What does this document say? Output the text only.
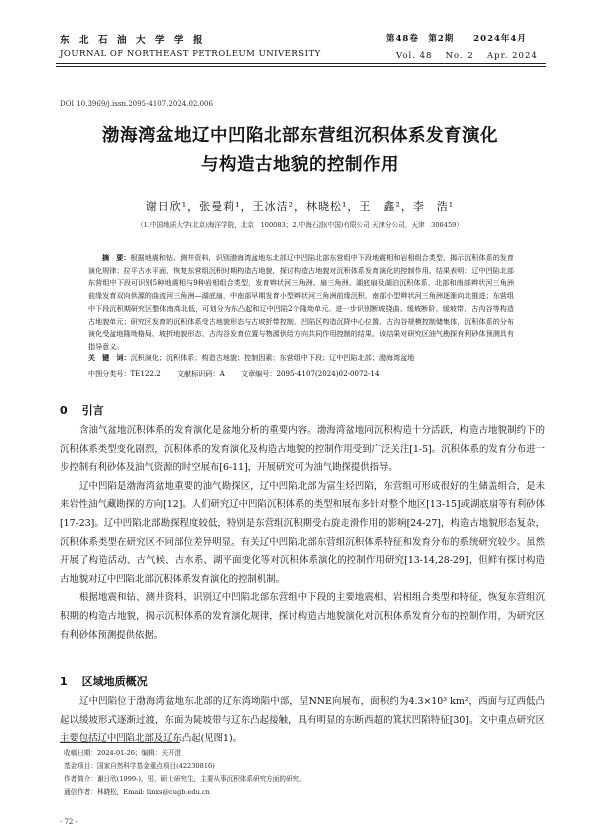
东北石油大学学报
JOURNAL OF NORTHEAST PETROLEUM UNIVERSITY
第48卷　第2期　　2024年4月
Vol. 48　 No. 2　 Apr. 2024
DOI 10.3969/j.issn.2095-4107.2024.02.006
渤海湾盆地辽中凹陷北部东营组沉积体系发育演化
与构造古地貌的控制作用
谢日欣¹，张曼莉¹，王冰洁²，林晓松¹，王　鑫²，李　浩¹
（1.中国地质大学(北京)海洋学院，北京　100083；2.中海石油(中国)有限公司 天津分公司，天津　300459）
摘　要：根据地震和钻、测井资料，识别渤海湾盆地东北部辽中凹陷北部东营组中下段地震相和岩相组合类型，揭示沉积体系的发育演化规律；拉平古水平面，恢复东营组沉积时期构造古地貌，探讨构造古地貌对沉积体系发育演化的控制作用。结果表明：辽中凹陷北部东营组中下段可识别5种地震相与9种岩相组合类型，发育辫状河三角洲、扇三角洲、湖底扇及湖泊沉积体系，北部和南部辫状河三角洲前缘发育双向供源的曲流河三角洲—湖底扇，中南部早期发育小型辫状河三角洲前缘沉积，南部小型辫状河三角洲逐渐向北推进；东营组中下段沉积期研究区整体南高北低，可划分为东凸起和辽中凹陷2个隆坳单元。进一步识别断坡挠曲、缓坡断阶、缓坡带、古沟谷等构造古地貌单元；研究区发育的沉积体系受古地貌形态与古坡折带控制，凹陷区构造沉降中心位置、古沟谷规模控制储集体，沉积体系的分布演化受盆地隆坳格局、坡折地貌形态、古沟谷发育位置与物源供给方向共同作用控制的结果。该结果对研究区油气勘探有利砂体预测具有指导意义。
关　键　词：沉积演化；沉积体系；构造古地貌；控制因素；东营组中下段；辽中凹陷北部；渤海湾盆地
中图分类号：TE122.2 文献标识码：A 文章编号：2095-4107(2024)02-0072-14
0 引言

含油气盆地沉积体系的发育演化是盆地分析的重要内容。渤海湾盆地同沉积构造十分活跃，构造古地貌制约下的沉积体系类型变化剧烈，沉积体系的发育演化及构造古地貌的控制作用受到广泛关注[1-5]。沉积体系的发育分布进一步控制有利砂体及油气资源的时空展布[6-11]，开展研究可为油气勘探提供指导。

辽中凹陷是渤海湾盆地重要的油气勘探区，辽中凹陷北部为富生烃凹陷，东营组可形成很好的生储盖组合，是未来岩性油气藏勘探的方向[12]。人们研究辽中凹陷沉积体系的类型和展布多针对整个地区[13-15]或湖底扇等有利砂体[17-23]。辽中凹陷北部勘探程度较低，特别是东营组沉积期受右旋走滑作用的影响[24-27]，构造古地貌形态复杂，沉积体系类型在研究区不同部位差异明显。有关辽中凹陷北部东营组沉积体系特征和发育分布的系统研究较少。虽然开展了构造活动、古气候、古水系、湖平面变化等对沉积体系演化的控制作用研究[13-14,28-29]，但鲜有探讨构造古地貌对辽中凹陷北部沉积体系发育演化的控制机制。

根据地震和钻、测井资料，识别辽中凹陷北部东营组中下段的主要地震相、岩相组合类型和特征，恢复东营组沉积期的构造古地貌，揭示沉积体系的发育演化规律，探讨构造古地貌演化对沉积体系发育分布的控制作用，为研究区有利砂体预测提供依据。

1 区域地质概况

辽中凹陷位于渤海湾盆地东北部的辽东湾坳陷中部，呈NNE向展布，面积约为4.3×10³ km²，西面与辽西低凸起以缓坡形式逐渐过渡，东面为陡坡带与辽东凸起接触，具有明显的东断西超的箕状凹陷特征[30]。文中重点研究区主要包括辽中凹陷北部及辽东凸起(见图1)。

收稿日期：2024-01-26；编辑：关开澄
基金项目：国家自然科学基金重点项目(42230816)
作者简介：谢日欣(1999-)，男，硕士研究生，主要从事沉积体系研究方面的研究。
通信作者：林晓松，Email: linxs@cugb.edu.cn
· 72 ·
